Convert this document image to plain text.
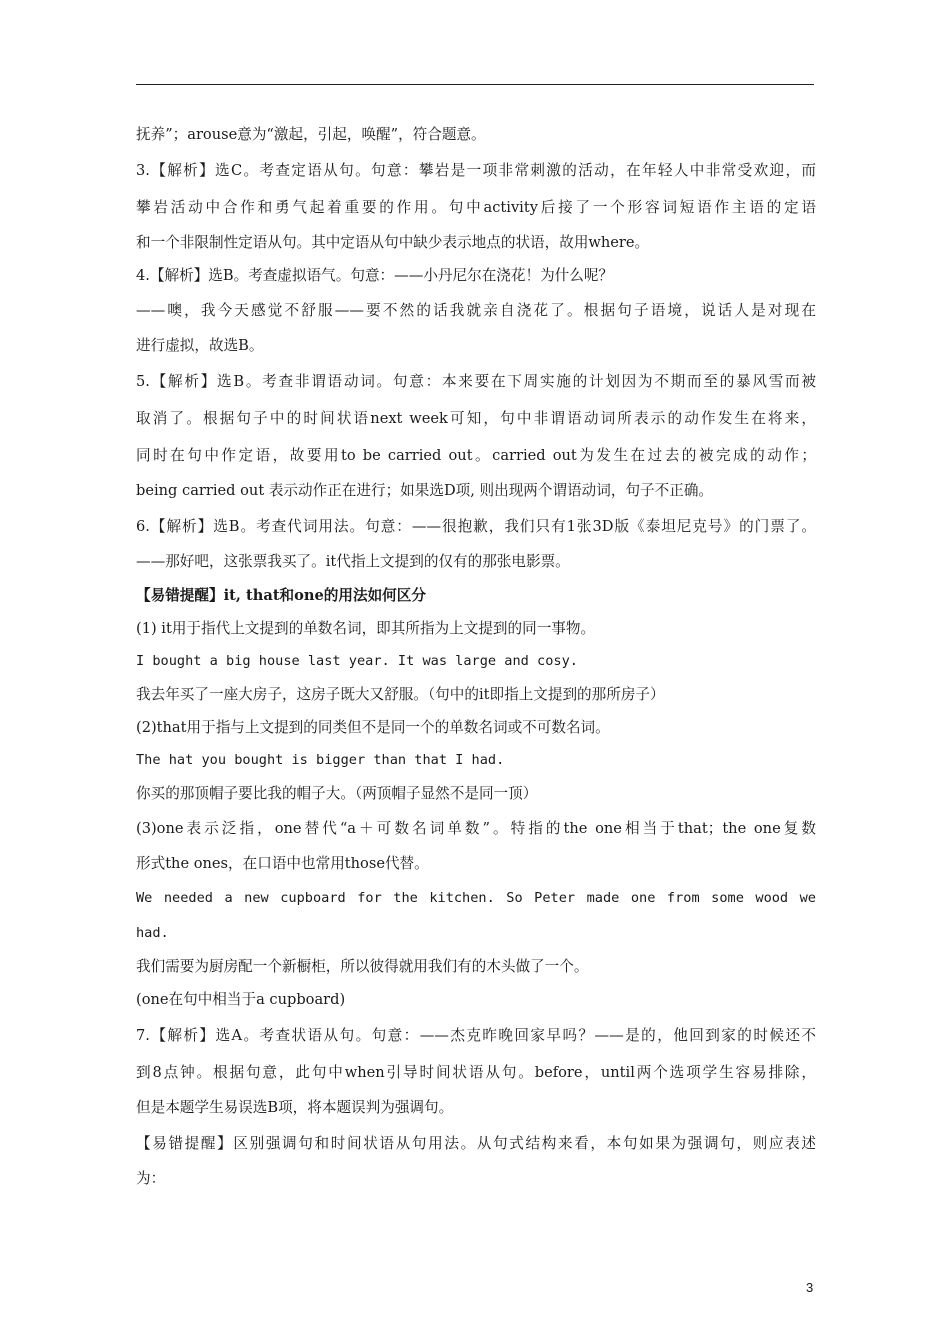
抚养”；arouse意为“激起，引起，唤醒”，符合题意。

3.【解析】选C。考查定语从句。句意：攀岩是一项非常刺激的活动，在年轻人中非常受欢迎，而

攀岩活动中合作和勇气起着重要的作用。句中activity后接了一个形容词短语作主语的定语

和一个非限制性定语从句。其中定语从句中缺少表示地点的状语，故用where。

4.【解析】选B。考查虚拟语气。句意：——小丹尼尔在浇花！为什么呢？

——噢，我今天感觉不舒服——要不然的话我就亲自浇花了。根据句子语境，说话人是对现在

进行虚拟，故选B。

5.【解析】选B。考查非谓语动词。句意：本来要在下周实施的计划因为不期而至的暴风雪而被

取消了。根据句子中的时间状语next week可知，句中非谓语动词所表示的动作发生在将来，

同时在句中作定语，故要用to be carried out。carried out为发生在过去的被完成的动作；

being carried out 表示动作正在进行；如果选D项, 则出现两个谓语动词，句子不正确。

6.【解析】选B。考查代词用法。句意：——很抱歉，我们只有1张3D版《泰坦尼克号》的门票了。

——那好吧，这张票我买了。it代指上文提到的仅有的那张电影票。

【易错提醒】it, that和one的用法如何区分

(1) it用于指代上文提到的单数名词，即其所指为上文提到的同一事物。

I bought a big house last year. It was large and cosy.

我去年买了一座大房子，这房子既大又舒服。（句中的it即指上文提到的那所房子）

(2)that用于指与上文提到的同类但不是同一个的单数名词或不可数名词。

The hat you bought is bigger than that I had.

你买的那顶帽子要比我的帽子大。（两顶帽子显然不是同一顶）

(3)one表示泛指，one替代“a＋可数名词单数”。特指的the one相当于that；the one复数

形式the ones，在口语中也常用those代替。

We needed a new cupboard for the kitchen. So Peter made one from some wood we

had.

我们需要为厨房配一个新橱柜，所以彼得就用我们有的木头做了一个。

(one在句中相当于a cupboard)

7.【解析】选A。考查状语从句。句意：——杰克昨晚回家早吗？——是的，他回到家的时候还不

到8点钟。根据句意，此句中when引导时间状语从句。before，until两个选项学生容易排除，

但是本题学生易误选B项，将本题误判为强调句。

【易错提醒】区别强调句和时间状语从句用法。从句式结构来看，本句如果为强调句，则应表述

为：

3
